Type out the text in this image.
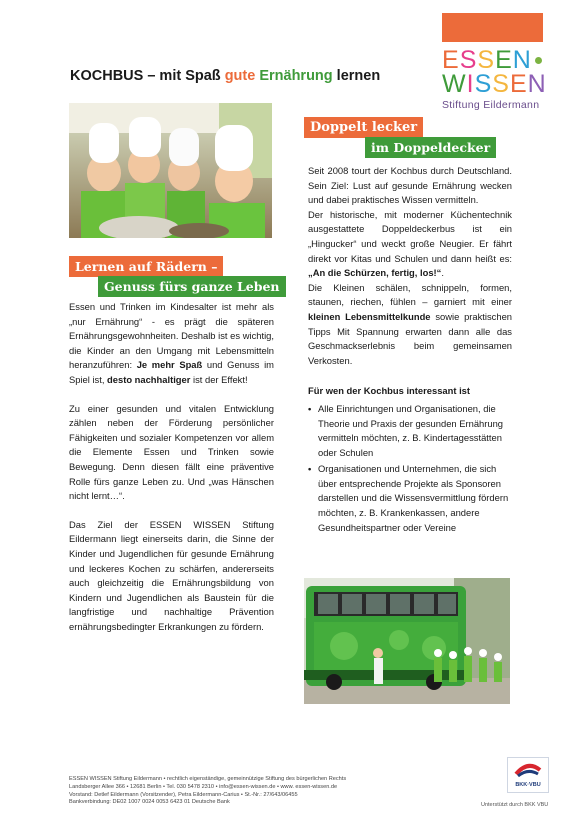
ESSEN
WISSEN
Stiftung Eildermann
KOCHBUS – mit Spaß gute Ernährung lernen
Lernen auf Rädern –
Genuss fürs ganze Leben

Essen und Trinken im Kindesalter ist mehr als „nur Ernährung“ - es prägt die späteren Ernährungsgewohnheiten. Deshalb ist es wichtig, die Kinder an den Umgang mit Lebensmitteln heranzuführen: Je mehr Spaß und Genuss im Spiel ist, desto nachhaltiger ist der Effekt!

Zu einer gesunden und vitalen Entwicklung zählen neben der Förderung persönlicher Fähigkeiten und sozialer Kompetenzen vor allem die Elemente Essen und Trinken sowie Bewegung. Denn diesen fällt eine präventive Rolle fürs ganze Leben zu. Und „was Hänschen nicht lernt…“.

Das Ziel der ESSEN WISSEN Stiftung Eildermann liegt einerseits darin, die Sinne der Kinder und Jugendlichen für gesunde Ernährung und leckeres Kochen zu schärfen, andererseits auch gleichzeitig die Ernährungsbildung von Kindern und Jugendlichen als Baustein für die langfristige und nachhaltige Prävention ernährungsbedingter Erkrankungen zu fördern.

Doppelt lecker
im Doppeldecker

Seit 2008 tourt der Kochbus durch Deutschland. Sein Ziel: Lust auf gesunde Ernährung wecken und dabei praktisches Wissen vermitteln.

Der historische, mit moderner Küchentechnik ausgestattete Doppeldeckerbus ist ein „Hingucker“ und weckt große Neugier. Er fährt direkt vor Kitas und Schulen und dann heißt es: „An die Schürzen, fertig, los!“.

Die Kleinen schälen, schnippeln, formen, staunen, riechen, fühlen – garniert mit einer kleinen Lebensmittelkunde sowie praktischen Tipps Mit Spannung erwarten dann alle das Geschmackserlebnis beim gemeinsamen Verkosten.

Für wen der Kochbus interessant ist
• Alle Einrichtungen und Organisationen, die Theorie und Praxis der gesunden Ernährung vermitteln möchten, z. B. Kindertagesstätten oder Schulen
• Organisationen und Unternehmen, die sich über entsprechende Projekte als Sponsoren darstellen und die Wissensvermittlung fördern möchten, z. B. Krankenkassen, andere Gesundheitspartner oder Vereine
ESSEN WISSEN Stiftung Eildermann • rechtlich eigenständige, gemeinnützige Stiftung des bürgerlichen Rechts
Landsberger Allee 366 • 12681 Berlin • Tel. 030 5478 2310 • info@essen-wissen.de • www. essen-wissen.de
Vorstand: Detlef Eildermann (Vorsitzender), Petra Eildermann-Carius • St.-Nr.: 27/643/06455
Bankverbindung: DE02 1007 0024 0053 6423 01 Deutsche Bank
BKK·VBU
Unterstützt durch BKK VBU
